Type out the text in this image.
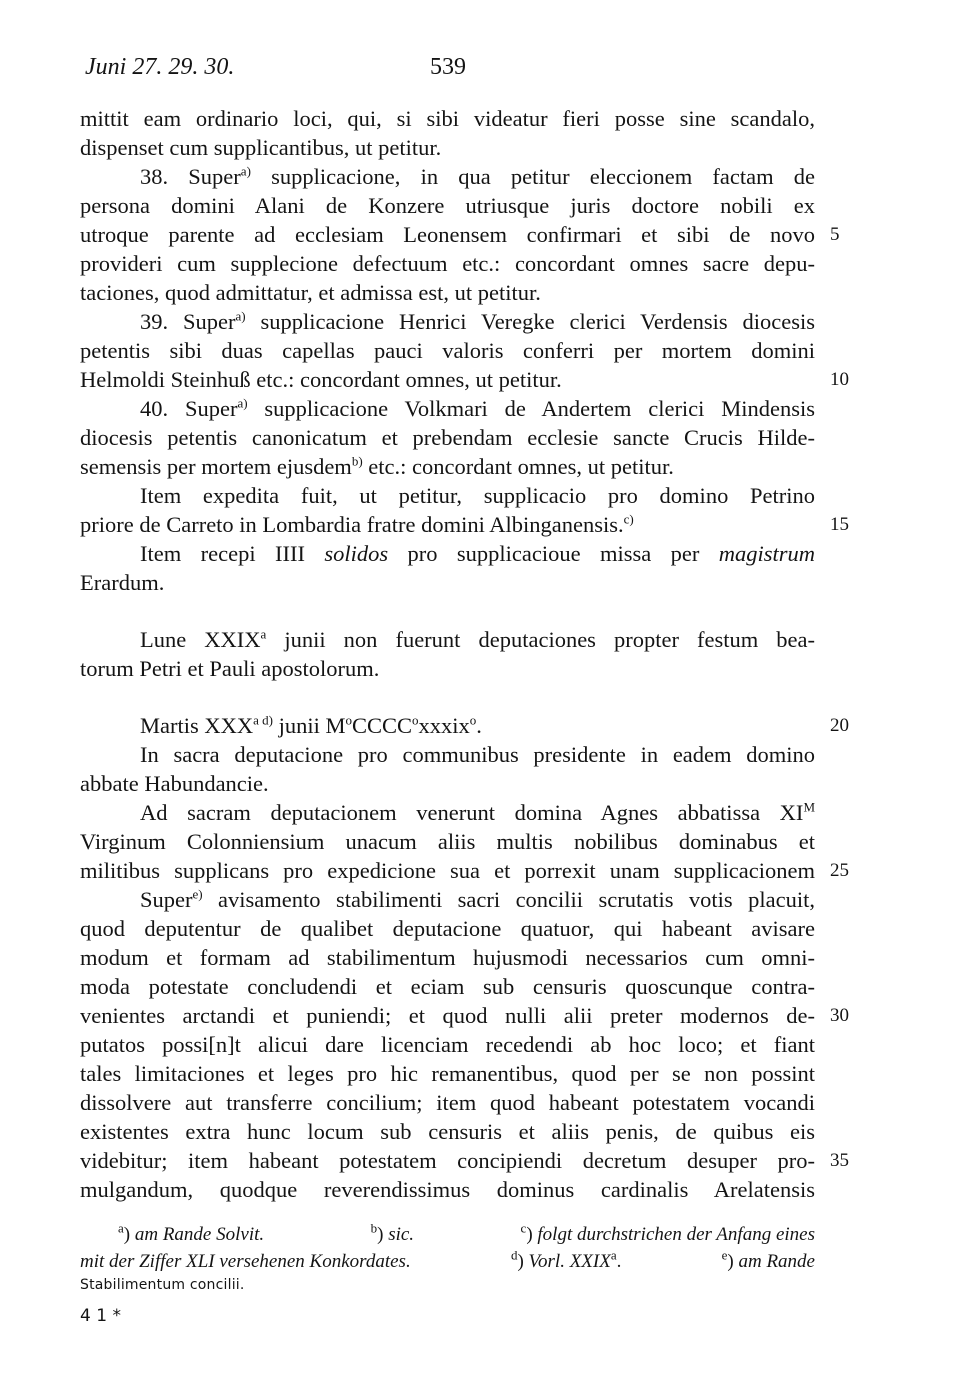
Juni 27. 29. 30.	539
mittit eam ordinario loci, qui, si sibi videatur fieri posse sine scandalo,
dispenset cum supplicantibus, ut petitur.
38. Super$^{a)}$ supplicacione, in qua petitur eleccionem factam de
persona domini Alani de Konzere utriusque juris doctore nobili ex
utroque parente ad ecclesiam Leonensem confirmari et sibi de novo 5
provideri cum supplecione defectuum etc.: concordant omnes sacre depu-
taciones, quod admittatur, et admissa est, ut petitur.
39. Super$^{a)}$ supplicacione Henrici Veregke clerici Verdensis diocesis
petentis sibi duas capellas pauci valoris conferri per mortem domini
Helmoldi Steinhuß etc.: concordant omnes, ut petitur.	10
40. Super$^{a)}$ supplicacione Volkmari de Andertem clerici Mindensis
diocesis petentis canonicatum et prebendam ecclesie sancte Crucis Hilde-
semensis per mortem ejusdem$^{b)}$ etc.: concordant omnes, ut petitur.
Item expedita fuit, ut petitur, supplicacio pro domino Petrino
priore de Carreto in Lombardia fratre domini Albinganensis.$^{c)}$	15
Item recepi IIII solidos pro supplicacioue missa per magistrum
Erardum.
Lune XXIX$^a$ junii non fuerunt deputaciones propter festum bea-
torum Petri et Pauli apostolorum.
Martis $XXX^{a d)}$ junii $M^oCCCC^oxxxix^o$.	20
In sacra deputacione pro communibus presidente in eadem domino
abbate Habundancie.
Ad sacram deputacionem venerunt domina Agnes abbatissa $XI^M$
Virginum Colonniensium unacum aliis multis nobilibus dominabus et
militibus supplicans pro expedicione sua et porrexit unam supplicacionem 25
Super$^{e)}$ avisamento stabilimenti sacri concilii scrutatis votis placuit,
quod deputentur de qualibet deputacione quatuor, qui habeant avisare
modum et formam ad stabilimentum hujusmodi necessarios cum omni-
moda potestate concludendi et eciam sub censuris quoscunque contra-
venientes arctandi et puniendi; et quod nulli alii preter modernos de- 30
putatos possi[n]t alicui dare licenciam recedendi ab hoc loco; et fiant
tales limitaciones et leges pro hic remanentibus, quod per se non possint
dissolvere aut transferre concilium; item quod habeant potestatem vocandi
existentes extra hunc locum sub censuris et aliis penis, de quibus eis
videbitur; item habeant potestatem concipiendi decretum desuper pro- 35
mulgandum, quodque reverendissimus dominus cardinalis Arelatensis
$^a$) am Rande Solvit.	$^b$) sic.	$^c$) folgt durchstrichen der Anfang eines
mit der Ziffer XLI versehenen Konkordates.	$^d$) Vorl. XXIX$^a$.	$^e$) am Rande
Stabilimentum concilii.
4 1 *
